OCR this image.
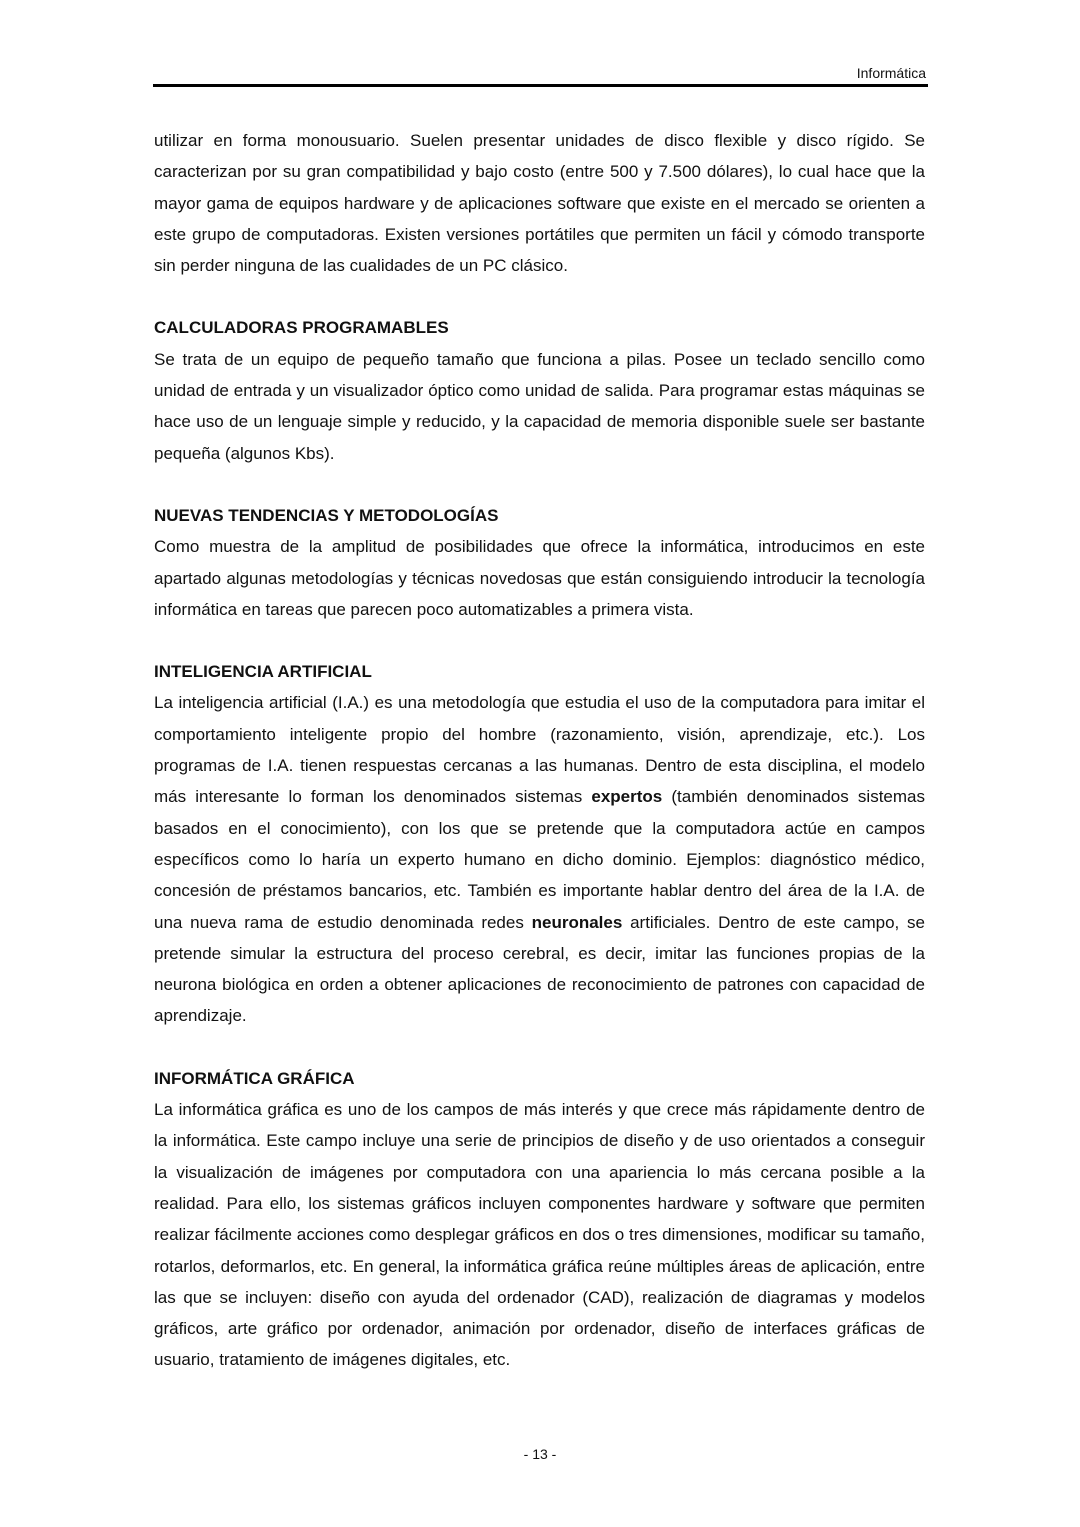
Informática

utilizar en forma monousuario. Suelen presentar unidades de disco flexible y disco rígido. Se caracterizan por su gran compatibilidad y bajo costo (entre 500 y 7.500 dólares), lo cual hace que la mayor gama de equipos hardware y de aplicaciones software que existe en el mercado se orienten a este grupo de computadoras. Existen versiones portátiles que permiten un fácil y cómodo transporte sin perder ninguna de las cualidades de un PC clásico.

CALCULADORAS PROGRAMABLES

Se trata de un equipo de pequeño tamaño que funciona a pilas. Posee un teclado sencillo como unidad de entrada y un visualizador óptico como unidad de salida. Para programar estas máquinas se hace uso de un lenguaje simple y reducido, y la capacidad de memoria disponible suele ser bastante pequeña (algunos Kbs).

NUEVAS TENDENCIAS Y METODOLOGÍAS

Como muestra de la amplitud de posibilidades que ofrece la informática, introducimos en este apartado algunas metodologías y técnicas novedosas que están consiguiendo introducir la tecnología informática en tareas que parecen poco automatizables a primera vista.

INTELIGENCIA ARTIFICIAL

La inteligencia artificial (I.A.) es una metodología que estudia el uso de la computadora para imitar el comportamiento inteligente propio del hombre (razonamiento, visión, aprendizaje, etc.). Los programas de I.A. tienen respuestas cercanas a las humanas. Dentro de esta disciplina, el modelo más interesante lo forman los denominados sistemas expertos (también denominados sistemas basados en el conocimiento), con los que se pretende que la computadora actúe en campos específicos como lo haría un experto humano en dicho dominio. Ejemplos: diagnóstico médico, concesión de préstamos bancarios, etc. También es importante hablar dentro del área de la I.A. de una nueva rama de estudio denominada redes neuronales artificiales. Dentro de este campo, se pretende simular la estructura del proceso cerebral, es decir, imitar las funciones propias de la neurona biológica en orden a obtener aplicaciones de reconocimiento de patrones con capacidad de aprendizaje.

INFORMÁTICA GRÁFICA

La informática gráfica es uno de los campos de más interés y que crece más rápidamente dentro de la informática. Este campo incluye una serie de principios de diseño y de uso orientados a conseguir la visualización de imágenes por computadora con una apariencia lo más cercana posible a la realidad. Para ello, los sistemas gráficos incluyen componentes hardware y software que permiten realizar fácilmente acciones como desplegar gráficos en dos o tres dimensiones, modificar su tamaño, rotarlos, deformarlos, etc. En general, la informática gráfica reúne múltiples áreas de aplicación, entre las que se incluyen: diseño con ayuda del ordenador (CAD), realización de diagramas y modelos gráficos, arte gráfico por ordenador, animación por ordenador, diseño de interfaces gráficas de usuario, tratamiento de imágenes digitales, etc.

- 13 -
